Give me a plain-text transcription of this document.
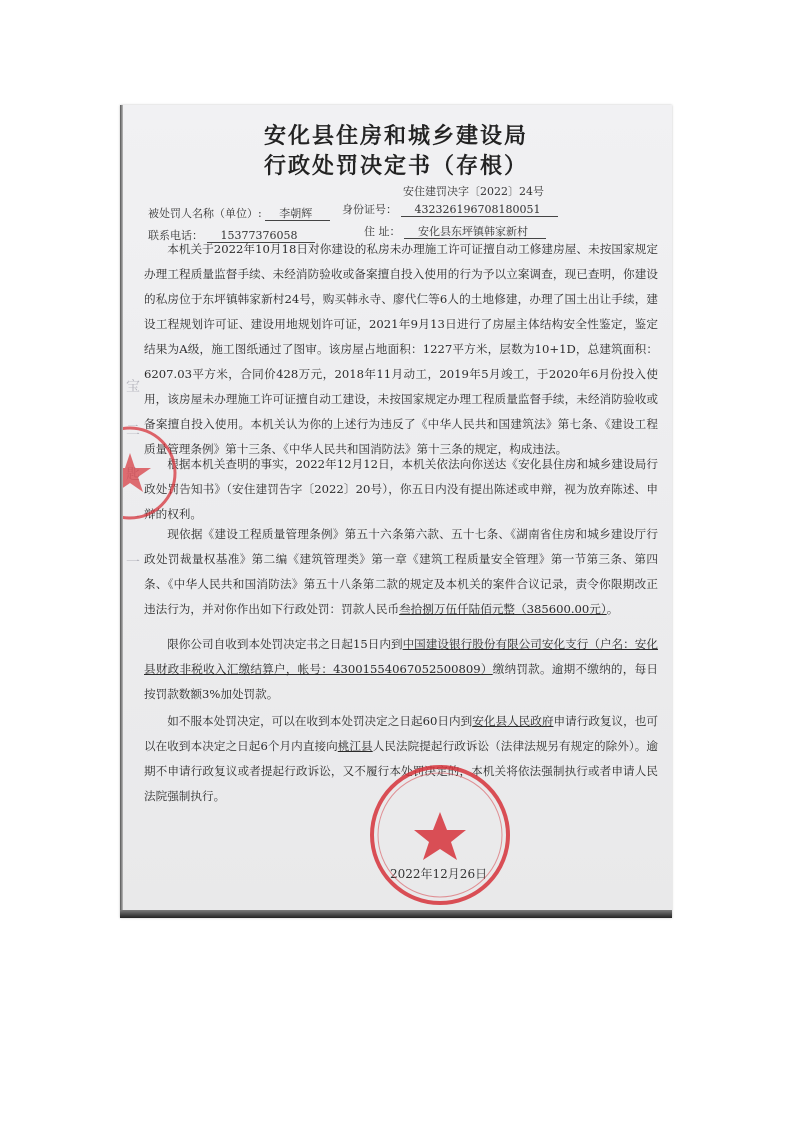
宝
二

一
一
安化县住房和城乡建设局
行政处罚决定书（存根）
安住建罚决字〔2022〕24号
被处罚人名称（单位）: 李朝辉	身份证号： 432326196708180051
联系电话： 15377376058	住 址： 安化县东坪镇韩家新村
本机关于2022年10月18日对你建设的私房未办理施工许可证擅自动工修建房屋、未按国家规定办理工程质量监督手续、未经消防验收或备案擅自投入使用的行为予以立案调查，现已查明，你建设的私房位于东坪镇韩家新村24号，购买韩永寺、廖代仁等6人的土地修建，办理了国土出让手续，建设工程规划许可证、建设用地规划许可证，2021年9月13日进行了房屋主体结构安全性鉴定，鉴定结果为A级，施工图纸通过了图审。该房屋占地面积：1227平方米，层数为10+1D，总建筑面积：6207.03平方米，合同价428万元，2018年11月动工，2019年5月竣工，于2020年6月份投入使用，该房屋未办理施工许可证擅自动工建设，未按国家规定办理工程质量监督手续，未经消防验收或备案擅自投入使用。本机关认为你的上述行为违反了《中华人民共和国建筑法》第七条、《建设工程质量管理条例》第十三条、《中华人民共和国消防法》第十三条的规定，构成违法。
根据本机关查明的事实，2022年12月12日，本机关依法向你送达《安化县住房和城乡建设局行政处罚告知书》（安住建罚告字〔2022〕20号），你五日内没有提出陈述或申辩，视为放弃陈述、申辩的权利。
现依据《建设工程质量管理条例》第五十六条第六款、五十七条、《湖南省住房和城乡建设厅行政处罚裁量权基准》第二编《建筑管理类》第一章《建筑工程质量安全管理》第一节第三条、第四条、《中华人民共和国消防法》第五十八条第二款的规定及本机关的案件合议记录，责令你限期改正违法行为，并对你作出如下行政处罚：罚款人民币叁拾捌万伍仟陆佰元整（385600.00元）。
限你公司自收到本处罚决定书之日起15日内到中国建设银行股份有限公司安化支行（户名：安化县财政非税收入汇缴结算户，帐号：43001554067052500809）缴纳罚款。逾期不缴纳的，每日按罚款数额3%加处罚款。
如不服本处罚决定，可以在收到本处罚决定之日起60日内到安化县人民政府申请行政复议，也可以在收到本决定之日起6个月内直接向桃江县人民法院提起行政诉讼（法律法规另有规定的除外）。逾期不申请行政复议或者提起行政诉讼，又不履行本处罚决定的，本机关将依法强制执行或者申请人民法院强制执行。
2022年12月26日
